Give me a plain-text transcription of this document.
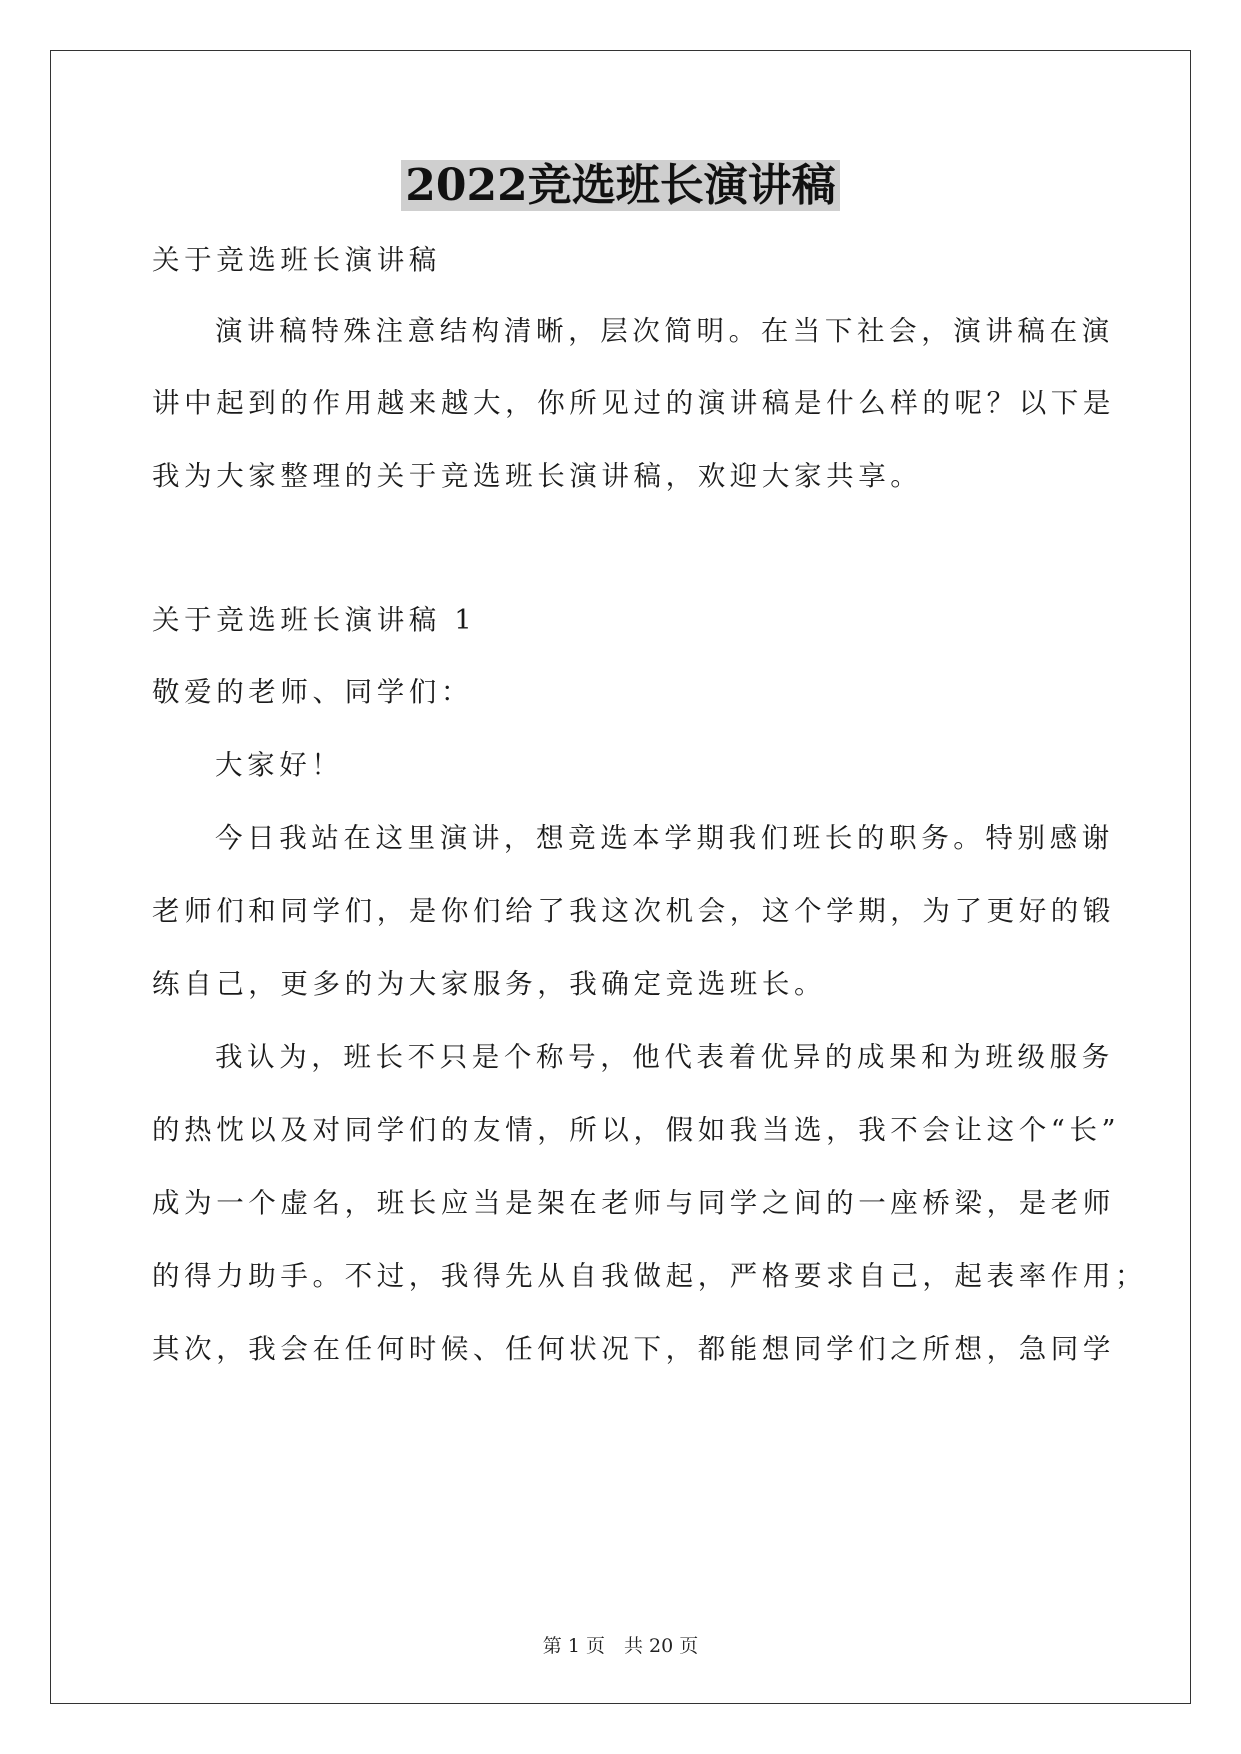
2022竞选班长演讲稿

关于竞选班长演讲稿

演讲稿特殊注意结构清晰，层次简明。在当下社会，演讲稿在演

讲中起到的作用越来越大，你所见过的演讲稿是什么样的呢？以下是

我为大家整理的关于竞选班长演讲稿，欢迎大家共享。

关于竞选班长演讲稿 1

敬爱的老师、同学们：

大家好！

今日我站在这里演讲，想竞选本学期我们班长的职务。特别感谢

老师们和同学们，是你们给了我这次机会，这个学期，为了更好的锻

练自己，更多的为大家服务，我确定竞选班长。

我认为，班长不只是个称号，他代表着优异的成果和为班级服务

的热忱以及对同学们的友情，所以，假如我当选，我不会让这个“长”

成为一个虚名，班长应当是架在老师与同学之间的一座桥梁，是老师

的得力助手。不过，我得先从自我做起，严格要求自己，起表率作用；

其次，我会在任何时候、任何状况下，都能想同学们之所想，急同学

第 1 页　共 20 页
